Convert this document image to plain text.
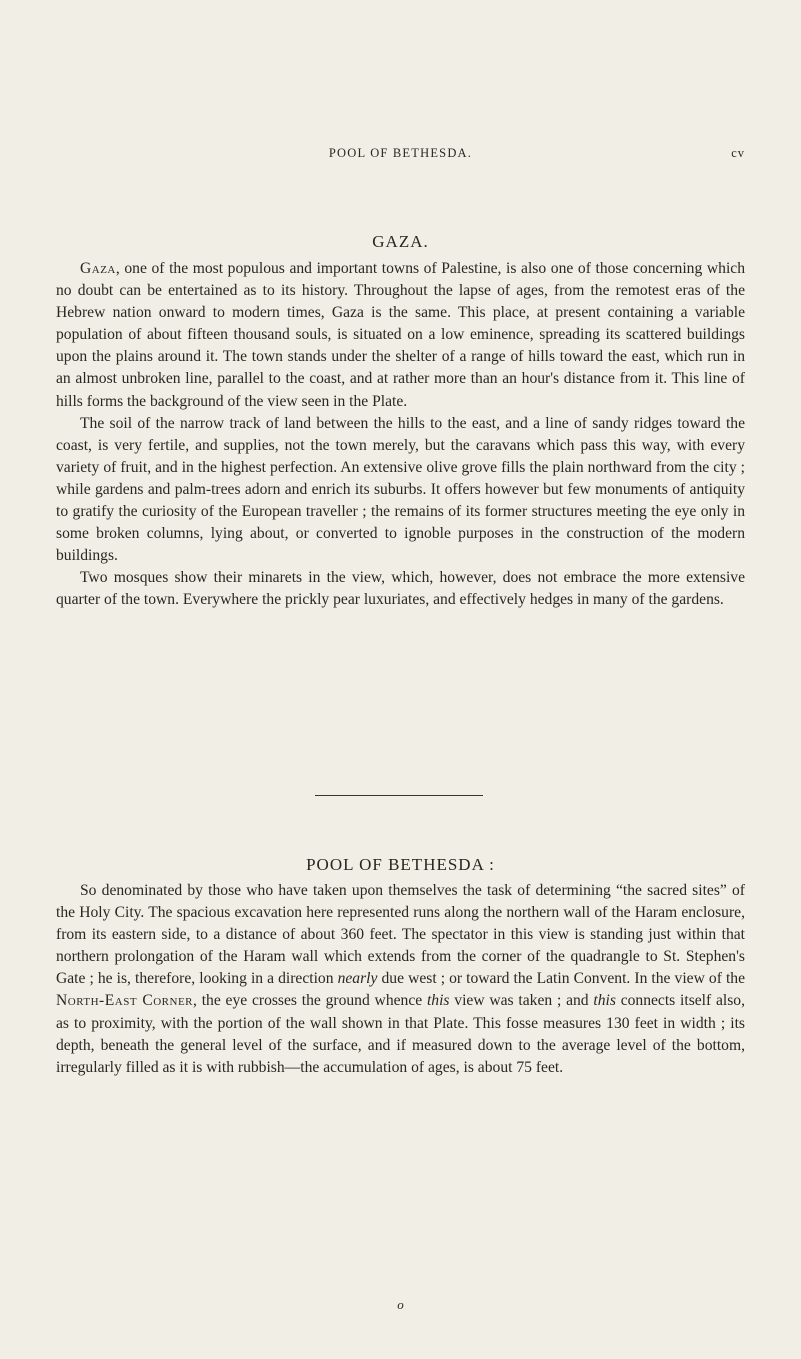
POOL OF BETHESDA.	cv
GAZA.

Gaza, one of the most populous and important towns of Palestine, is also one of those concerning which no doubt can be entertained as to its history. Throughout the lapse of ages, from the remotest eras of the Hebrew nation onward to modern times, Gaza is the same. This place, at present containing a variable population of about fifteen thousand souls, is situated on a low eminence, spreading its scattered buildings upon the plains around it. The town stands under the shelter of a range of hills toward the east, which run in an almost unbroken line, parallel to the coast, and at rather more than an hour's distance from it. This line of hills forms the background of the view seen in the Plate.

The soil of the narrow track of land between the hills to the east, and a line of sandy ridges toward the coast, is very fertile, and supplies, not the town merely, but the caravans which pass this way, with every variety of fruit, and in the highest perfection. An extensive olive grove fills the plain northward from the city ; while gardens and palm-trees adorn and enrich its suburbs. It offers however but few monuments of antiquity to gratify the curiosity of the European traveller ; the remains of its former structures meeting the eye only in some broken columns, lying about, or converted to ignoble purposes in the construction of the modern buildings.

Two mosques show their minarets in the view, which, however, does not embrace the more extensive quarter of the town. Everywhere the prickly pear luxuriates, and effectively hedges in many of the gardens.

POOL OF BETHESDA :

So denominated by those who have taken upon themselves the task of determining “the sacred sites” of the Holy City. The spacious excavation here represented runs along the northern wall of the Haram enclosure, from its eastern side, to a distance of about 360 feet. The spectator in this view is standing just within that northern prolongation of the Haram wall which extends from the corner of the quadrangle to St. Stephen's Gate ; he is, therefore, looking in a direction nearly due west ; or toward the Latin Convent. In the view of the North-East Corner, the eye crosses the ground whence this view was taken ; and this connects itself also, as to proximity, with the portion of the wall shown in that Plate. This fosse measures 130 feet in width ; its depth, beneath the general level of the surface, and if measured down to the average level of the bottom, irregularly filled as it is with rubbish—the accumulation of ages, is about 75 feet.

o
